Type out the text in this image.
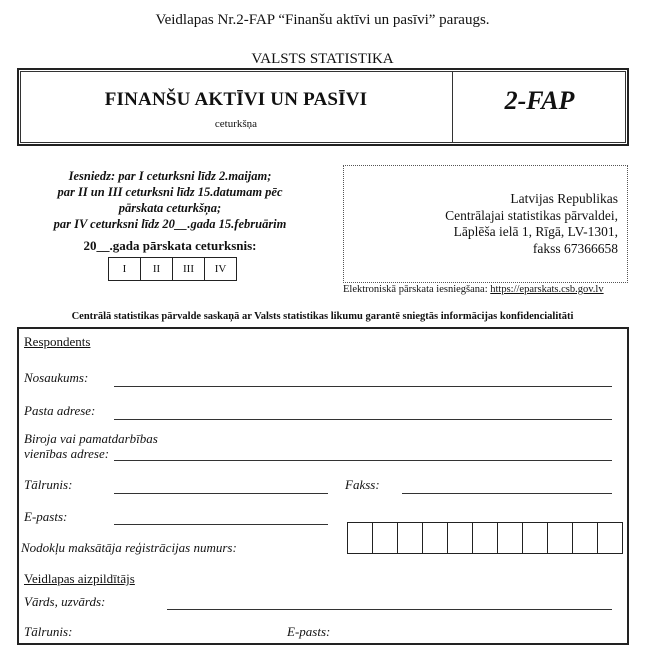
Veidlapas Nr.2-FAP “Finanšu aktīvi un pasīvi” paraugs.
VALSTS STATISTIKA
FINANŠU AKTĪVI UN PASĪVI
ceturkšņa
2-FAP
Iesniedz: par I ceturksni līdz 2.maijam;
par II un III ceturksni līdz 15.datumam pēc
pārskata ceturkšņa;
par IV ceturksni līdz 20__.gada 15.februārim
20__.gada pārskata ceturksnis:
I	II	III	IV
Latvijas Republikas
Centrālajai statistikas pārvaldei,
Lāplēša ielā 1, Rīgā, LV-1301,
fakss 67366658
Elektroniskā pārskata iesniegšana: https://eparskats.csb.gov.lv
Centrālā statistikas pārvalde saskaņā ar Valsts statistikas likumu garantē sniegtās informācijas konfidencialitāti
Respondents
Nosaukums:
Pasta adrese:
Biroja vai pamatdarbības
vienības adrese:
Tālrunis:	Fakss:
E-pasts:
Nodokļu maksātāja reģistrācijas numurs:
Veidlapas aizpildītājs
Vārds, uzvārds:
Tālrunis:	E-pasts:
